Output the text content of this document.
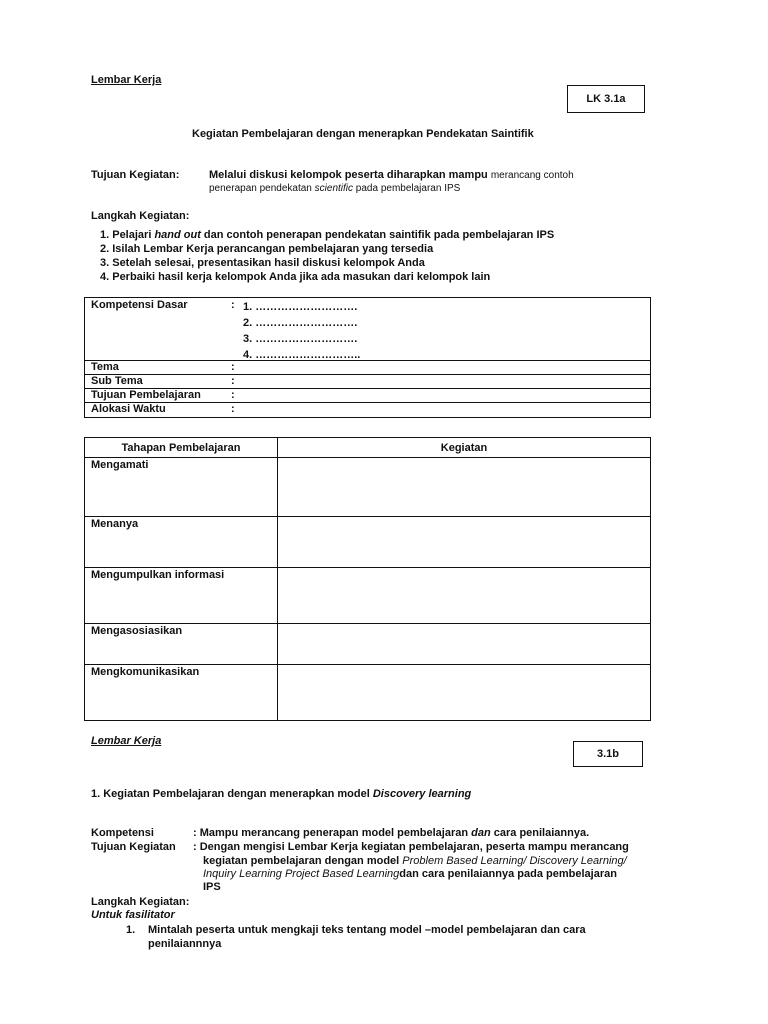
Lembar Kerja
LK 3.1a
Kegiatan Pembelajaran dengan menerapkan Pendekatan Saintifik
Tujuan Kegiatan:	Melalui diskusi kelompok peserta diharapkan mampu merancang contoh
penerapan pendekatan scientific pada pembelajaran IPS
Langkah Kegiatan:
1. Pelajari hand out dan contoh penerapan pendekatan saintifik pada pembelajaran IPS
2. Isilah Lembar Kerja perancangan pembelajaran yang tersedia
3. Setelah selesai, presentasikan hasil diskusi kelompok Anda
4. Perbaiki hasil kerja kelompok Anda jika ada masukan dari kelompok lain
Kompetensi Dasar	: 1. ……………………….
2. ……………………….
3. ……………………….
4. ………………………..
Tema	:
Sub Tema	:
Tujuan Pembelajaran	:
Alokasi Waktu	:
Tahapan Pembelajaran	Kegiatan
Mengamati	
Menanya	
Mengumpulkan informasi	
Mengasosiasikan	
Mengkomunikasikan	
Lembar Kerja
3.1b
1. Kegiatan Pembelajaran dengan menerapkan model Discovery learning
Kompetensi	: Mampu merancang penerapan model pembelajaran dan cara penilaiannya.
Tujuan Kegiatan : Dengan mengisi Lembar Kerja kegiatan pembelajaran, peserta mampu merancang
kegiatan pembelajaran dengan model Problem Based Learning/ Discovery Learning/
Inquiry Learning Project Based Learningdan cara penilaiannya pada pembelajaran
IPS
Langkah Kegiatan:
Untuk fasilitator
1. Mintalah peserta untuk mengkaji teks tentang model –model pembelajaran dan cara
penilaiannnya
